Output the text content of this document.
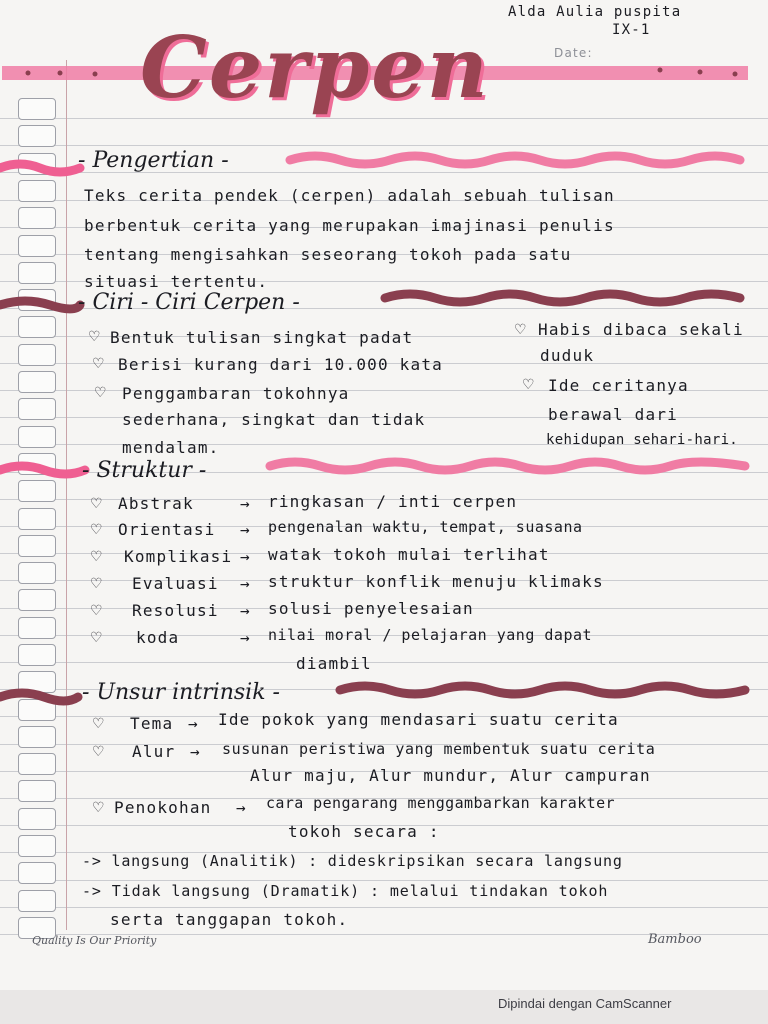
Alda Aulia puspita
IX-1
Date:
Cerpen
- Pengertian -
Teks cerita pendek (cerpen) adalah sebuah tulisan
berbentuk cerita yang merupakan imajinasi penulis
tentang mengisahkan seseorang tokoh pada satu
situasi tertentu.
- Ciri - Ciri Cerpen -
♡ Bentuk tulisan singkat padat
♡ Berisi kurang dari 10.000 kata
♡ Penggambaran tokohnya
sederhana, singkat dan tidak
mendalam.
♡ Habis dibaca sekali
duduk
♡ Ide ceritanya
berawal dari
kehidupan sehari-hari.
- Struktur -
♡ Abstrak	→ ringkasan / inti cerpen
♡ Orientasi → pengenalan waktu, tempat, suasana
♡ Komplikasi → watak tokoh mulai terlihat
♡ Evaluasi → struktur konflik menuju klimaks
♡ Resolusi → solusi penyelesaian
♡ koda	→ nilai moral / pelajaran yang dapat
diambil
- Unsur intrinsik -
♡ Tema → Ide pokok yang mendasari suatu cerita
♡ Alur → susunan peristiwa yang membentuk suatu cerita
Alur maju, Alur mundur, Alur campuran
♡ Penokohan → cara pengarang menggambarkan karakter
tokoh secara :
-> langsung (Analitik) : dideskripsikan secara langsung
-> Tidak langsung (Dramatik) : melalui tindakan tokoh
serta tanggapan tokoh.
Quality Is Our Priority	Bamboo
Dipindai dengan CamScanner
